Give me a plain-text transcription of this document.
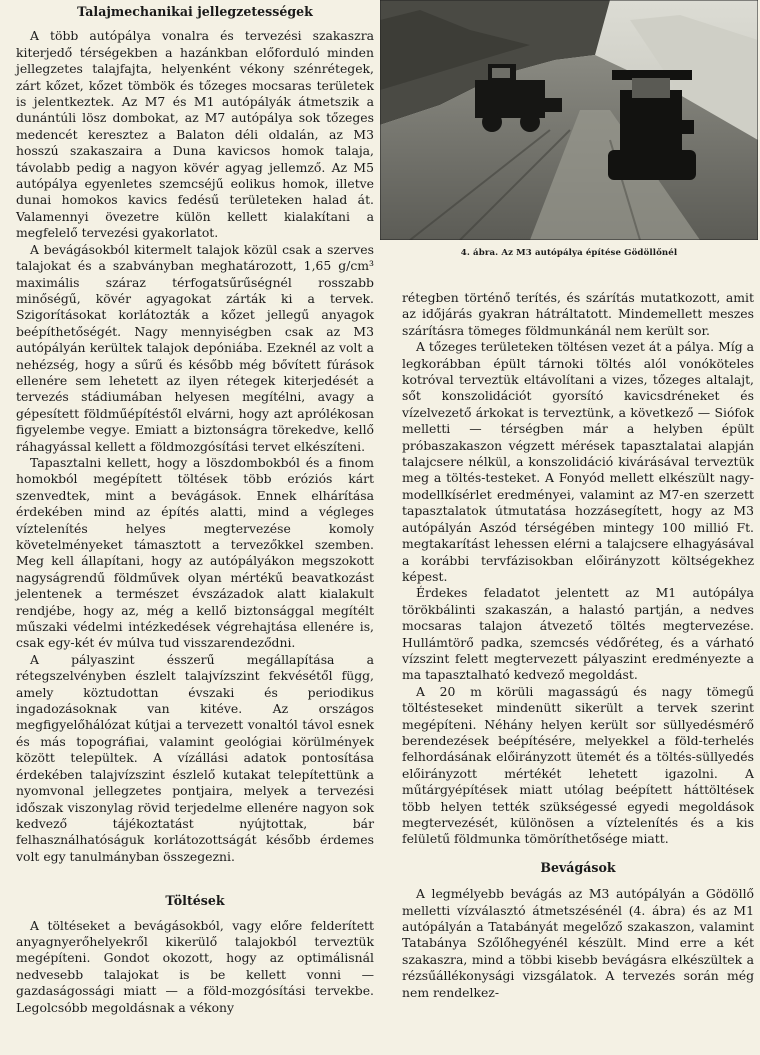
Talajmechanikai jellegzetességek

A több autópálya vonalra és tervezési szakaszra kiterjedő térségekben a hazánkban előforduló minden jellegzetes talajfajta, helyenként vékony szénrétegek, zárt kőzet, kőzet tömbök és tőzeges mocsaras területek is jelentkeztek. Az M7 és M1 autópályák átmetszik a dunántúli lösz dombokat, az M7 autópálya sok tőzeges medencét keresztez a Balaton déli oldalán, az M3 hosszú szakaszaira a Duna kavicsos homok talaja, távolabb pedig a nagyon kövér agyag jellemző. Az M5 autópálya egyenletes szemcséjű eolikus homok, illetve dunai homokos kavics fedésű területeken halad át. Valamennyi övezetre külön kellett kialakítani a megfelelő tervezési gyakorlatot.

A bevágásokból kitermelt talajok közül csak a szerves talajokat és a szabványban meghatározott, 1,65 g/cm³ maximális száraz térfogatsűrűségnél rosszabb minőségű, kövér agyagokat zárták ki a tervek. Szigorításokat korlátozták a kőzet jellegű anyagok beépíthetőségét. Nagy mennyiségben csak az M3 autópályán kerültek talajok depóniába. Ezeknél az volt a nehézség, hogy a sűrű és később még bővített fúrások ellenére sem lehetett az ilyen rétegek kiterjedését a tervezés stádiumában helyesen megítélni, avagy a gépesített földműépítéstől elvárni, hogy azt aprólékosan figyelembe vegye. Emiatt a biztonságra törekedve, kellő ráhagyással kellett a földmozgósítási tervet elkészíteni.

Tapasztalni kellett, hogy a löszdombokból és a finom homokból megépített töltések több eróziós kárt szenvedtek, mint a bevágások. Ennek elhárítása érdekében mind az építés alatti, mind a végleges víztelenítés helyes megtervezése komoly követelményeket támasztott a tervezőkkel szemben. Meg kell állapítani, hogy az autópályákon megszokott nagyságrendű földművek olyan mértékű beavatkozást jelentenek a természet évszázadok alatt kialakult rendjébe, hogy az, még a kellő biztonsággal megítélt műszaki védelmi intézkedések végrehajtása ellenére is, csak egy-két év múlva tud visszarendeződni.

A pályaszint ésszerű megállapítása a rétegszelvényben észlelt talajvízszint fekvésétől függ, amely köztudottan évszaki és periodikus ingadozásoknak van kitéve. Az országos megfigyelőhálózat kútjai a tervezett vonaltól távol esnek és más topográfiai, valamint geológiai körülmények között települtek. A vízállási adatok pontosítása érdekében talajvízszint észlelő kutakat telepítettünk a nyomvonal jellegzetes pontjaira, melyek a tervezési időszak viszonylag rövid terjedelme ellenére nagyon sok kedvező tájékoztatást nyújtottak, bár felhasználhatóságuk korlátozottságát később érdemes volt egy tanulmányban összegezni.

Töltések

A töltéseket a bevágásokból, vagy előre felderített anyagnyerőhelyekről kikerülő talajokból terveztük megépíteni. Gondot okozott, hogy az optimálisnál nedvesebb talajokat is be kellett vonni — gazdaságossági miatt — a föld-mozgósítási tervekbe. Legolcsóbb megoldásnak a vékony

4. ábra. Az M3 autópálya építése Gödöllőnél

rétegben történő terítés, és szárítás mutatkozott, amit az időjárás gyakran hátráltatott. Mindemellett meszes szárításra tömeges földmunkánál nem került sor.

A tőzeges területeken töltésen vezet át a pálya. Míg a legkorábban épült tárnoki töltés alól vonóköteles kotróval terveztük eltávolítani a vizes, tőzeges altalajt, sőt konszolidációt gyorsító kavicsdréneket és vízelvezető árkokat is terveztünk, a következő — Siófok melletti — térségben már a helyben épült próbaszakaszon végzett mérések tapasztalatai alapján talajcsere nélkül, a konszolidáció kivárásával terveztük meg a töltés-testeket. A Fonyód mellett elkészült nagy-modellkísérlet eredményei, valamint az M7-en szerzett tapasztalatok útmutatása hozzásegített, hogy az M3 autópályán Aszód térségében mintegy 100 millió Ft. megtakarítást lehessen elérni a talajcsere elhagyásával a korábbi tervfázisokban előirányzott költségekhez képest.

Érdekes feladatot jelentett az M1 autópálya törökbálinti szakaszán, a halastó partján, a nedves mocsaras talajon átvezető töltés megtervezése. Hullámtörő padka, szemcsés védőréteg, és a várható vízszint felett megtervezett pályaszint eredményezte a ma tapasztalható kedvező megoldást.

A 20 m körüli magasságú és nagy tömegű töltésteseket mindenütt sikerült a tervek szerint megépíteni. Néhány helyen került sor süllyedésmérő berendezések beépítésére, melyekkel a föld-terhelés felhordásának előirányzott ütemét és a töltés-süllyedés előirányzott mértékét lehetett igazolni. A műtárgyépítések miatt utólag beépített háttöltések több helyen tették szükségessé egyedi megoldások megtervezését, különösen a víztelenítés és a kis felületű földmunka tömöríthetősége miatt.

Bevágások

A legmélyebb bevágás az M3 autópályán a Gödöllő melletti vízválasztó átmetszésénél (4. ábra) és az M1 autópályán a Tatabányát megelőző szakaszon, valamint Tatabánya Szőlőhegyénél készült. Mind erre a két szakaszra, mind a többi kisebb bevágásra elkészültek a rézsűállékonysági vizsgálatok. A tervezés során még nem rendelkez-
